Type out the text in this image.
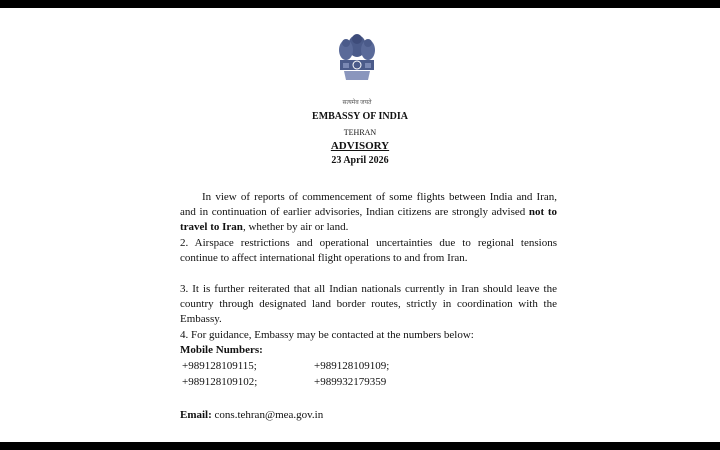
सत्यमेव जयते
EMBASSY OF INDIA
TEHRAN
ADVISORY
23 April 2026
In view of reports of commencement of some flights between India and Iran, and in continuation of earlier advisories, Indian citizens are strongly advised not to travel to Iran, whether by air or land.
2. Airspace restrictions and operational uncertainties due to regional tensions continue to affect international flight operations to and from Iran.
3. It is further reiterated that all Indian nationals currently in Iran should leave the country through designated land border routes, strictly in coordination with the Embassy.
4. For guidance, Embassy may be contacted at the numbers below:
Mobile Numbers:
+989128109115;	+989128109109;
+989128109102;	+989932179359
Email: cons.tehran@mea.gov.in
